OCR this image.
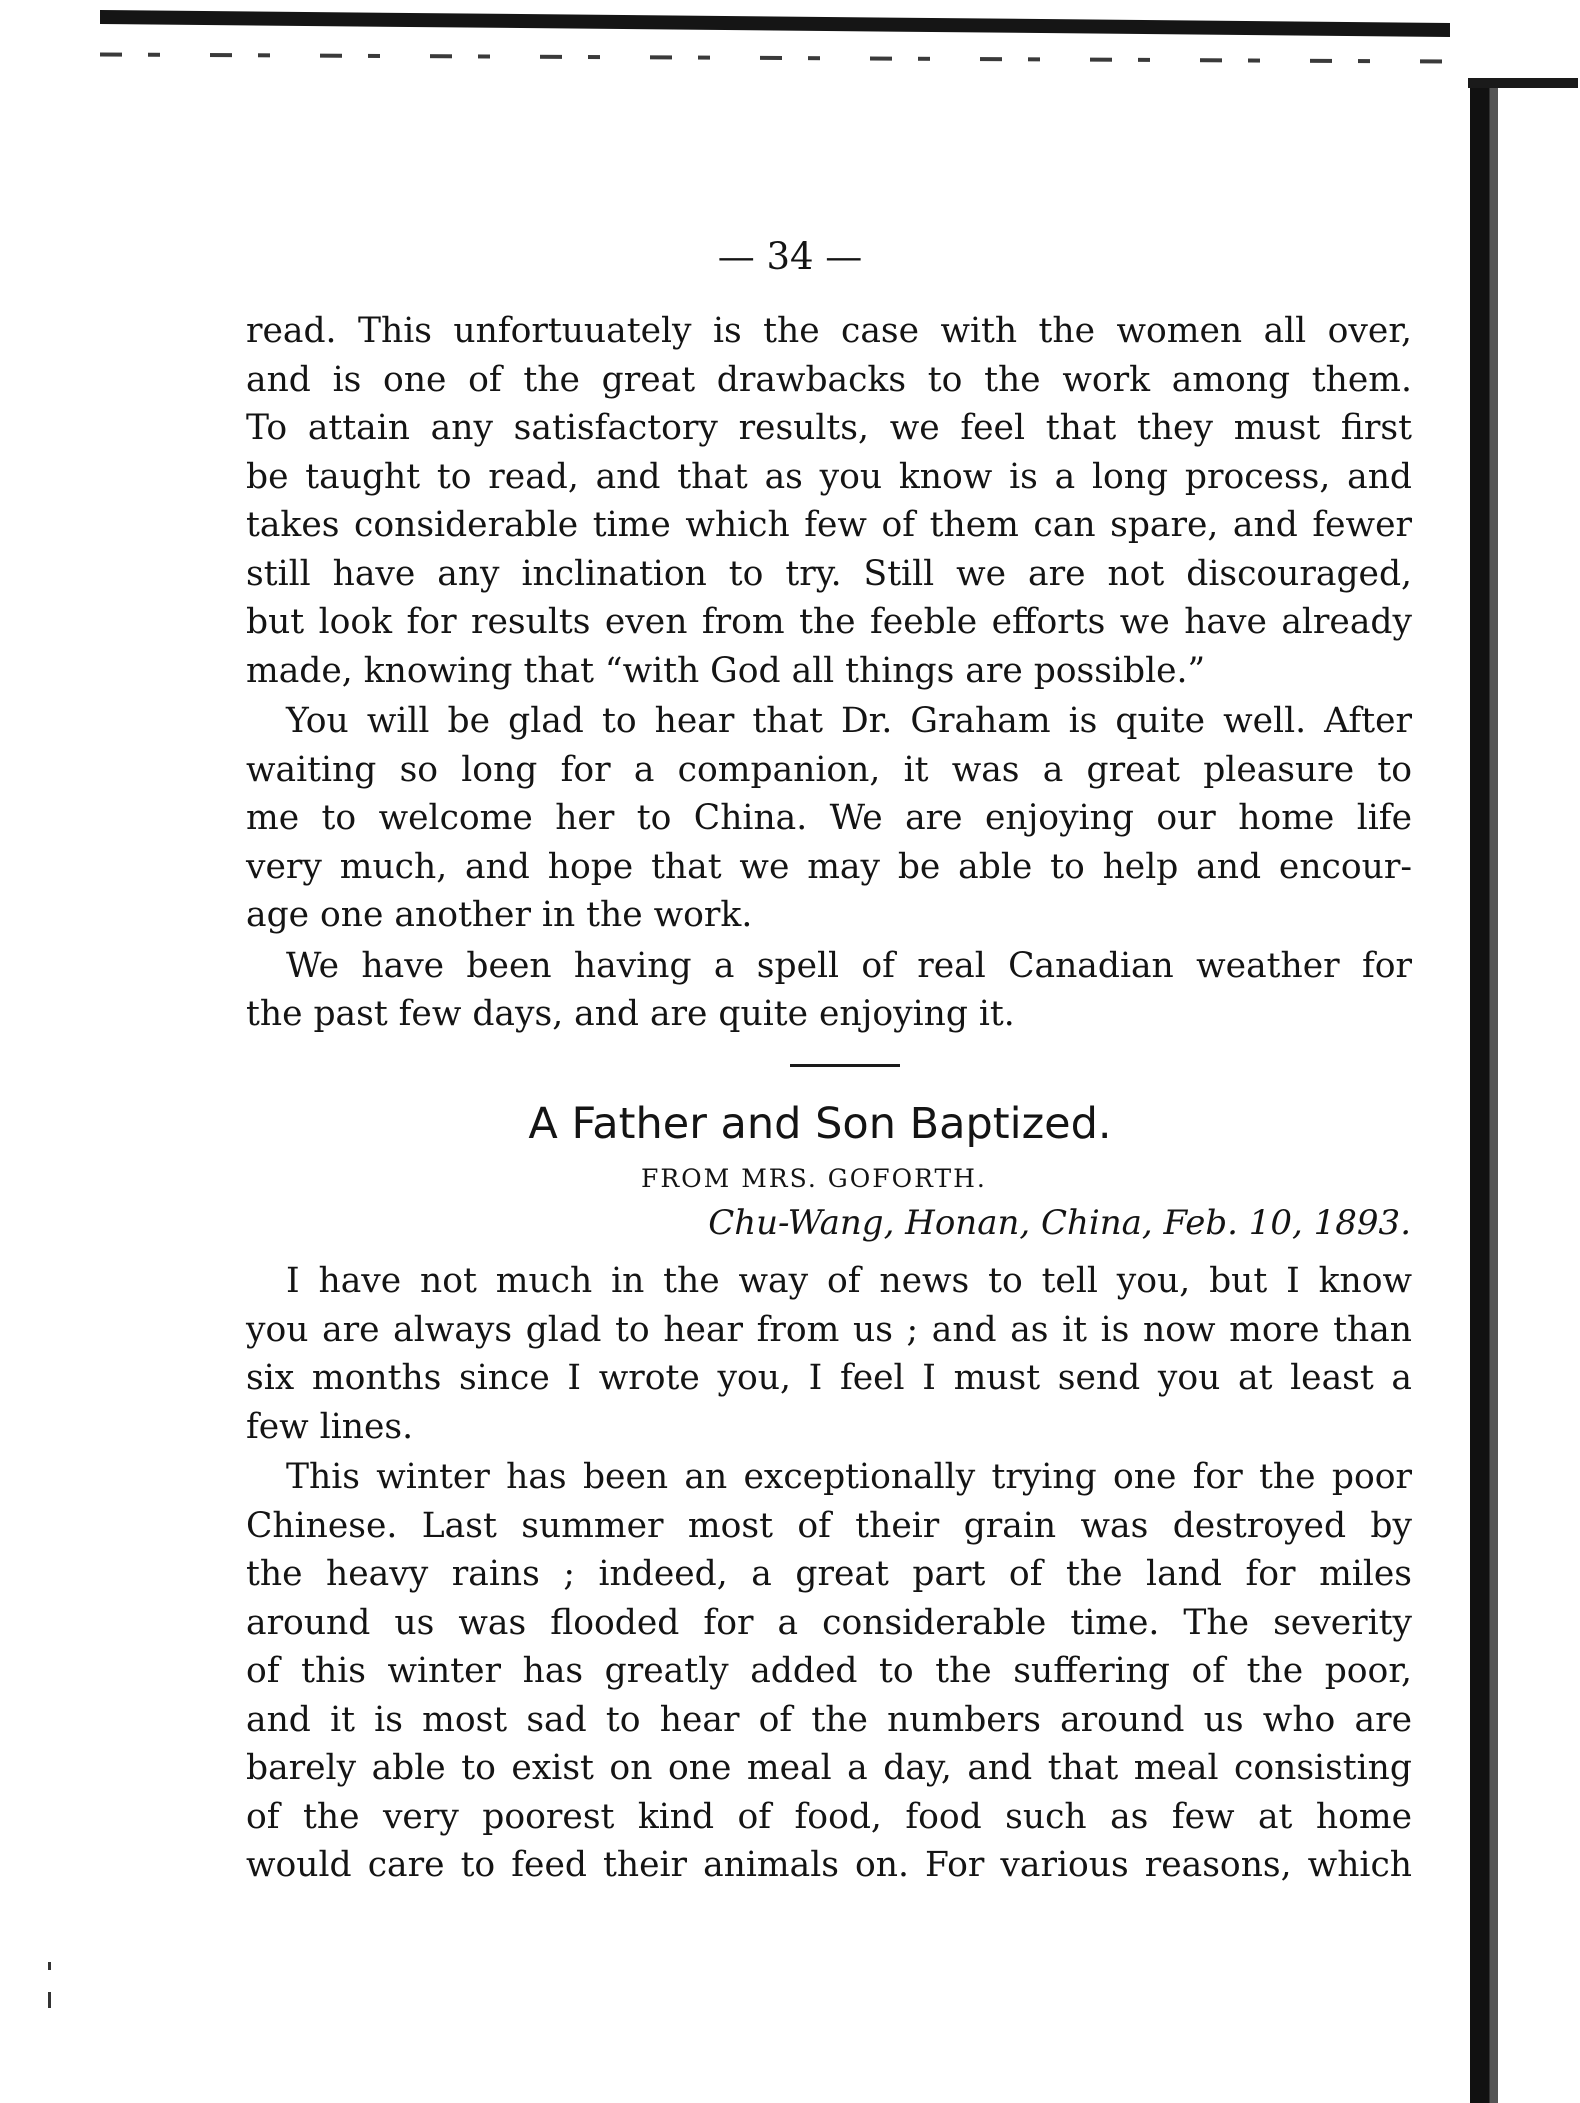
— 34 —
read. This unfortuuately is the case with the women all over,
and is one of the great drawbacks to the work among them.
To attain any satisfactory results, we feel that they must first
be taught to read, and that as you know is a long process, and
takes considerable time which few of them can spare, and fewer
still have any inclination to try. Still we are not discouraged,
but look for results even from the feeble efforts we have already
made, knowing that “with God all things are possible.”
You will be glad to hear that Dr. Graham is quite well. After
waiting so long for a companion, it was a great pleasure to
me to welcome her to China. We are enjoying our home life
very much, and hope that we may be able to help and encour-
age one another in the work.
We have been having a spell of real Canadian weather for
the past few days, and are quite enjoying it.
A Father and Son Baptized.
FROM MRS. GOFORTH.
Chu-Wang, Honan, China, Feb. 10, 1893.
I have not much in the way of news to tell you, but I know
you are always glad to hear from us ; and as it is now more than
six months since I wrote you, I feel I must send you at least a
few lines.
This winter has been an exceptionally trying one for the poor
Chinese. Last summer most of their grain was destroyed by
the heavy rains ; indeed, a great part of the land for miles
around us was flooded for a considerable time. The severity
of this winter has greatly added to the suffering of the poor,
and it is most sad to hear of the numbers around us who are
barely able to exist on one meal a day, and that meal consisting
of the very poorest kind of food, food such as few at home
would care to feed their animals on. For various reasons, which
